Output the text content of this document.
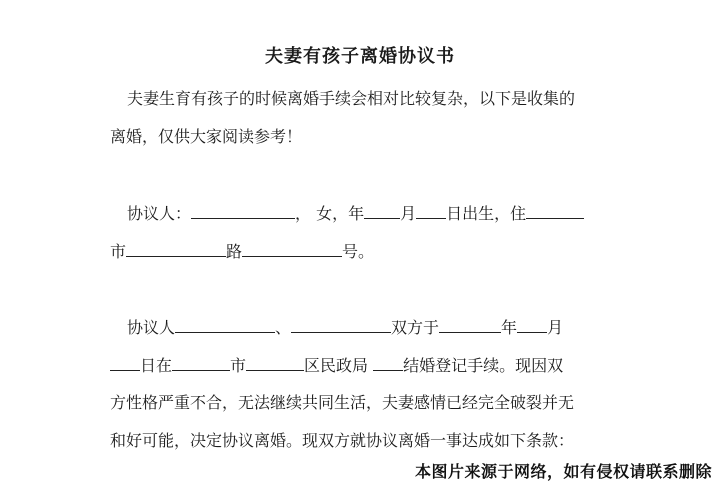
夫妻有孩子离婚协议书
夫妻生育有孩子的时候离婚手续会相对比较复杂，以下是收集的
离婚，仅供大家阅读参考！
协议人：	， 女，年 月 日出生，住
市	路	号。
协议人	、	双方于	年 月
日在	市	区民政局 结婚登记手续。现因双
方性格严重不合，无法继续共同生活，夫妻感情已经完全破裂并无
和好可能，决定协议离婚。现双方就协议离婚一事达成如下条款：
本图片来源于网络，如有侵权请联系删除
